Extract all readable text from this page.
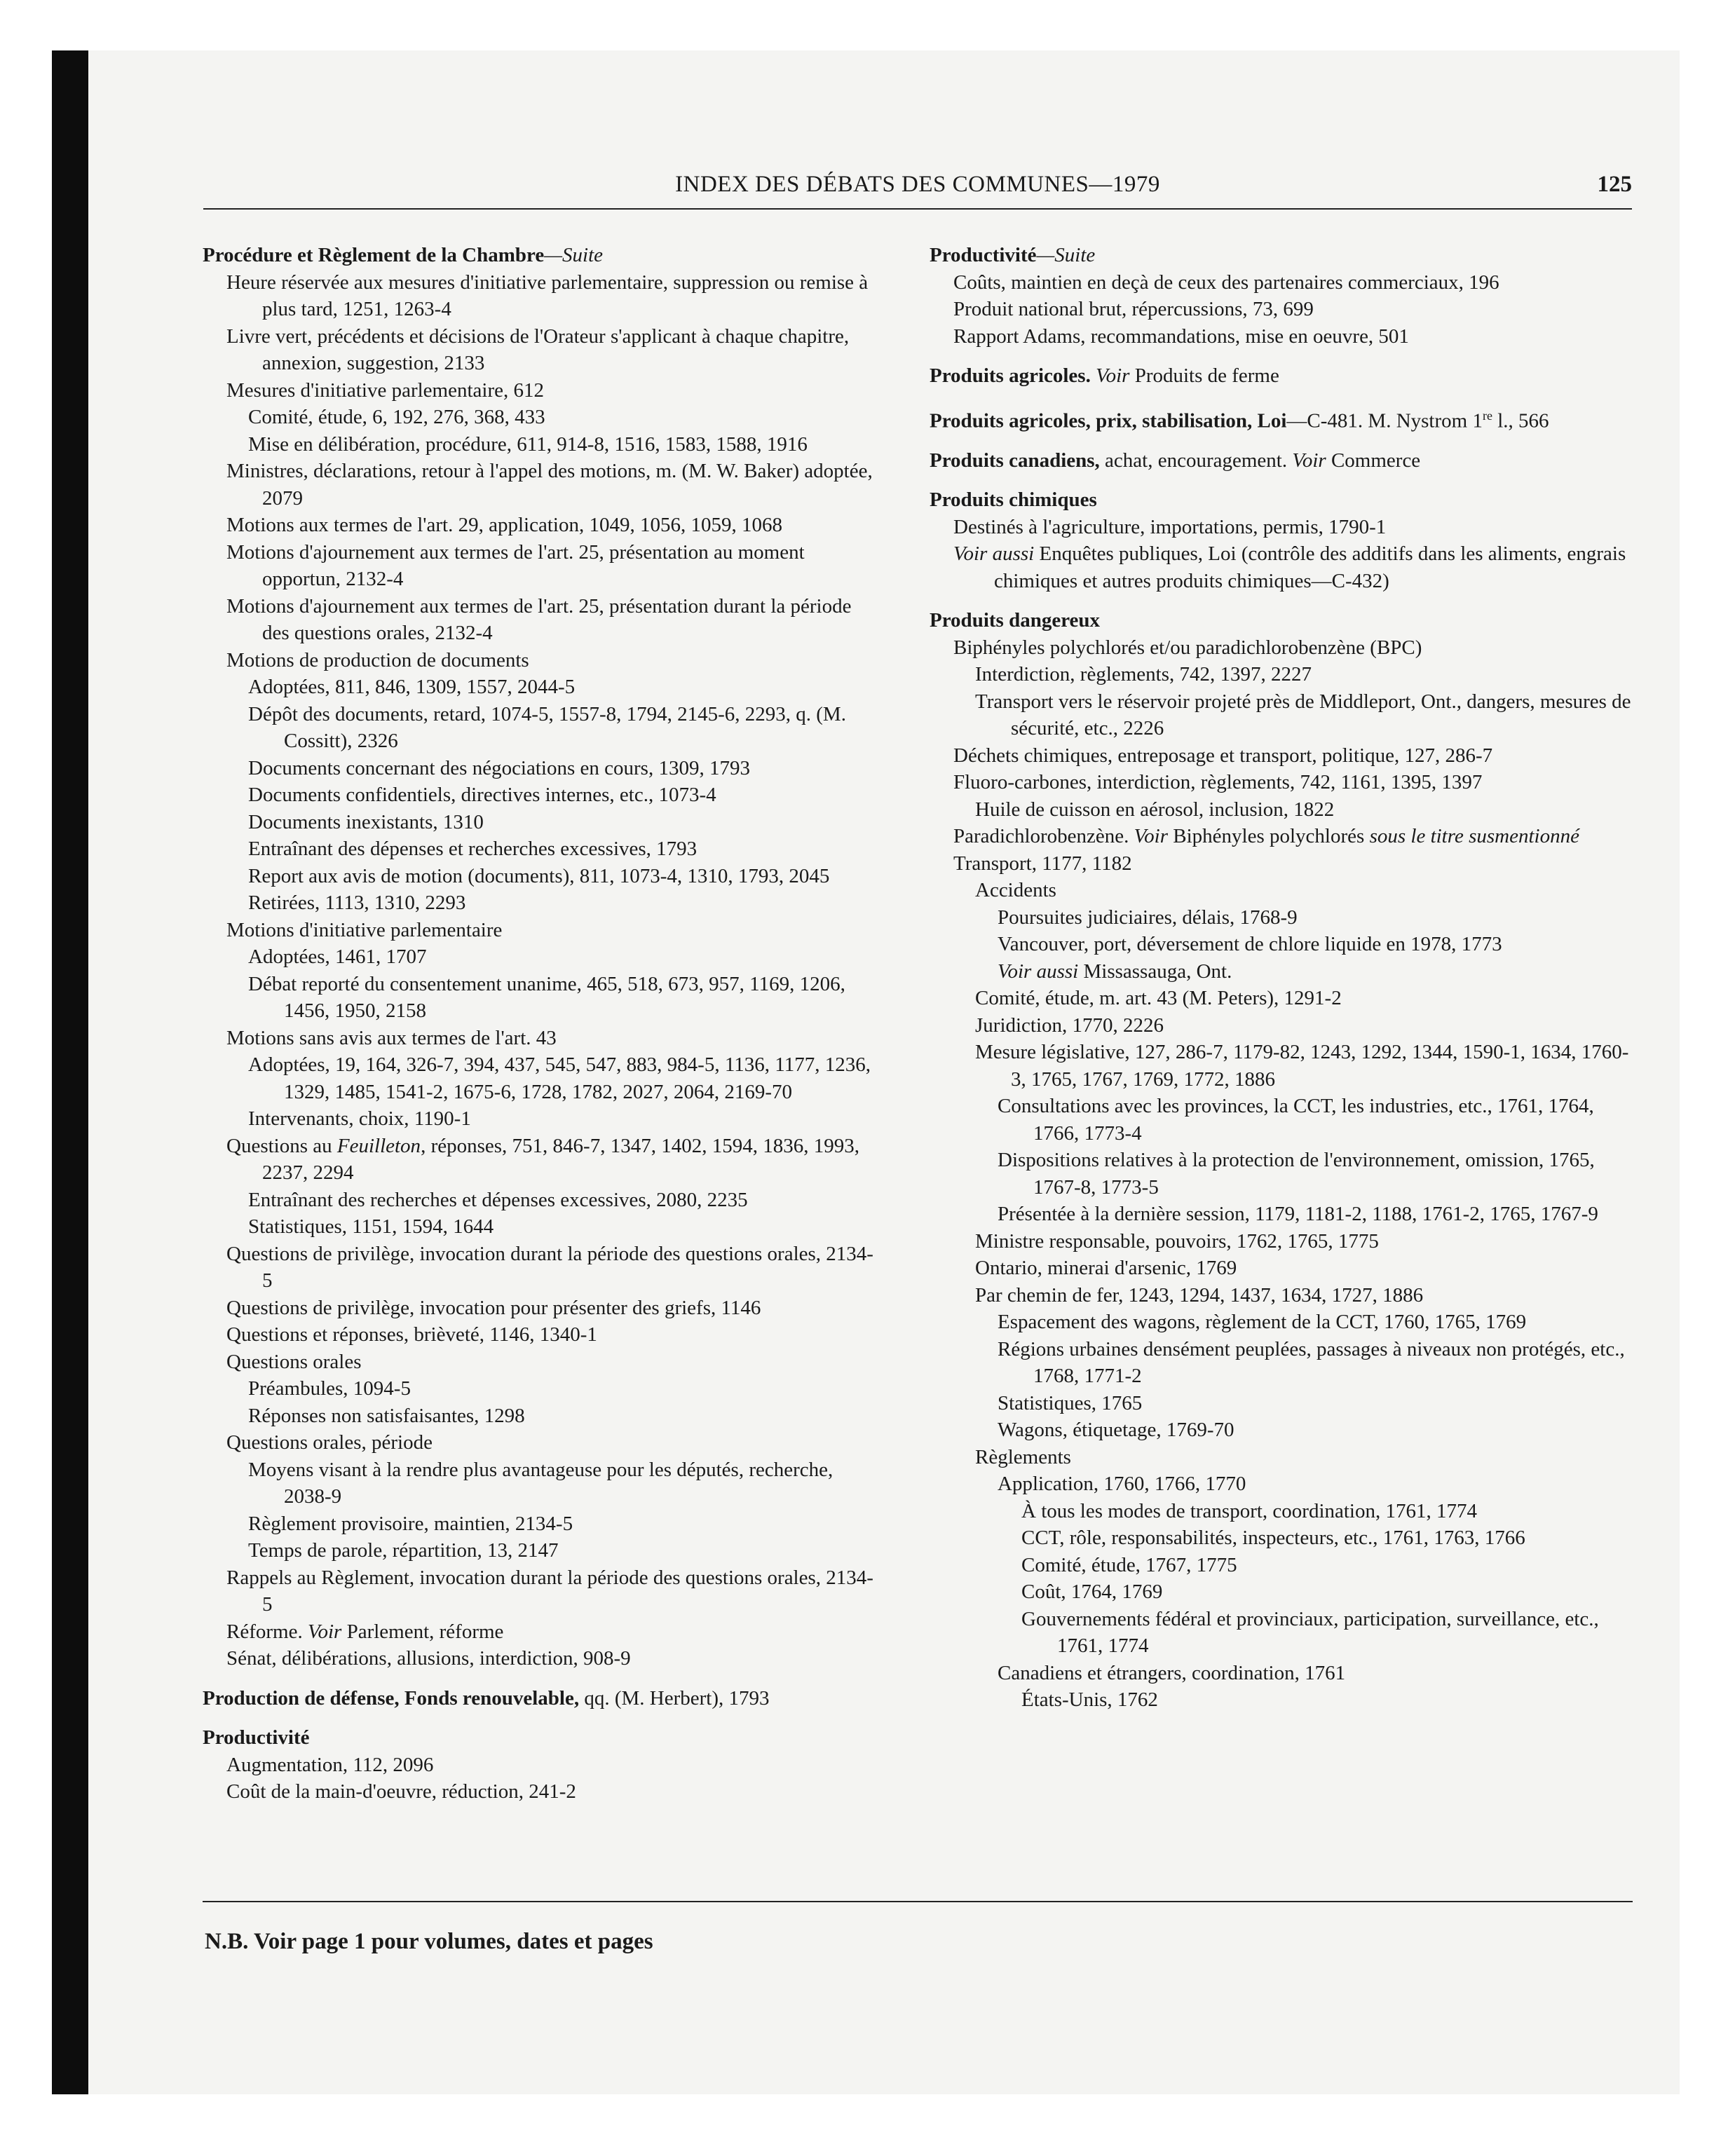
INDEX DES DÉBATS DES COMMUNES—1979	125
Procédure et Règlement de la Chambre—Suite
Heure réservée aux mesures d'initiative parlementaire, suppression ou remise à plus tard, 1251, 1263-4
Livre vert, précédents et décisions de l'Orateur s'applicant à chaque chapitre, annexion, suggestion, 2133
Mesures d'initiative parlementaire, 612
Comité, étude, 6, 192, 276, 368, 433
Mise en délibération, procédure, 611, 914-8, 1516, 1583, 1588, 1916
Ministres, déclarations, retour à l'appel des motions, m. (M. W. Baker) adoptée, 2079
Motions aux termes de l'art. 29, application, 1049, 1056, 1059, 1068
Motions d'ajournement aux termes de l'art. 25, présentation au moment opportun, 2132-4
Motions d'ajournement aux termes de l'art. 25, présentation durant la période des questions orales, 2132-4
Motions de production de documents
Adoptées, 811, 846, 1309, 1557, 2044-5
Dépôt des documents, retard, 1074-5, 1557-8, 1794, 2145-6, 2293, q. (M. Cossitt), 2326
Documents concernant des négociations en cours, 1309, 1793
Documents confidentiels, directives internes, etc., 1073-4
Documents inexistants, 1310
Entraînant des dépenses et recherches excessives, 1793
Report aux avis de motion (documents), 811, 1073-4, 1310, 1793, 2045
Retirées, 1113, 1310, 2293
Motions d'initiative parlementaire
Adoptées, 1461, 1707
Débat reporté du consentement unanime, 465, 518, 673, 957, 1169, 1206, 1456, 1950, 2158
Motions sans avis aux termes de l'art. 43
Adoptées, 19, 164, 326-7, 394, 437, 545, 547, 883, 984-5, 1136, 1177, 1236, 1329, 1485, 1541-2, 1675-6, 1728, 1782, 2027, 2064, 2169-70
Intervenants, choix, 1190-1
Questions au Feuilleton, réponses, 751, 846-7, 1347, 1402, 1594, 1836, 1993, 2237, 2294
Entraînant des recherches et dépenses excessives, 2080, 2235
Statistiques, 1151, 1594, 1644
Questions de privilège, invocation durant la période des questions orales, 2134-5
Questions de privilège, invocation pour présenter des griefs, 1146
Questions et réponses, brièveté, 1146, 1340-1
Questions orales
Préambules, 1094-5
Réponses non satisfaisantes, 1298
Questions orales, période
Moyens visant à la rendre plus avantageuse pour les députés, recherche, 2038-9
Règlement provisoire, maintien, 2134-5
Temps de parole, répartition, 13, 2147
Rappels au Règlement, invocation durant la période des questions orales, 2134-5
Réforme. Voir Parlement, réforme
Sénat, délibérations, allusions, interdiction, 908-9
Production de défense, Fonds renouvelable, qq. (M. Herbert), 1793
Productivité
Augmentation, 112, 2096
Coût de la main-d'oeuvre, réduction, 241-2
Productivité—Suite
Coûts, maintien en deçà de ceux des partenaires commerciaux, 196
Produit national brut, répercussions, 73, 699
Rapport Adams, recommandations, mise en oeuvre, 501
Produits agricoles. Voir Produits de ferme
Produits agricoles, prix, stabilisation, Loi—C-481. M. Nystrom 1re l., 566
Produits canadiens, achat, encouragement. Voir Commerce
Produits chimiques
Destinés à l'agriculture, importations, permis, 1790-1
Voir aussi Enquêtes publiques, Loi (contrôle des additifs dans les aliments, engrais chimiques et autres produits chimiques—C-432)
Produits dangereux
Biphényles polychlorés et/ou paradichlorobenzène (BPC)
Interdiction, règlements, 742, 1397, 2227
Transport vers le réservoir projeté près de Middleport, Ont., dangers, mesures de sécurité, etc., 2226
Déchets chimiques, entreposage et transport, politique, 127, 286-7
Fluoro-carbones, interdiction, règlements, 742, 1161, 1395, 1397
Huile de cuisson en aérosol, inclusion, 1822
Paradichlorobenzène. Voir Biphényles polychlorés sous le titre susmentionné
Transport, 1177, 1182
Accidents
Poursuites judiciaires, délais, 1768-9
Vancouver, port, déversement de chlore liquide en 1978, 1773
Voir aussi Missassauga, Ont.
Comité, étude, m. art. 43 (M. Peters), 1291-2
Juridiction, 1770, 2226
Mesure législative, 127, 286-7, 1179-82, 1243, 1292, 1344, 1590-1, 1634, 1760-3, 1765, 1767, 1769, 1772, 1886
Consultations avec les provinces, la CCT, les industries, etc., 1761, 1764, 1766, 1773-4
Dispositions relatives à la protection de l'environnement, omission, 1765, 1767-8, 1773-5
Présentée à la dernière session, 1179, 1181-2, 1188, 1761-2, 1765, 1767-9
Ministre responsable, pouvoirs, 1762, 1765, 1775
Ontario, minerai d'arsenic, 1769
Par chemin de fer, 1243, 1294, 1437, 1634, 1727, 1886
Espacement des wagons, règlement de la CCT, 1760, 1765, 1769
Régions urbaines densément peuplées, passages à niveaux non protégés, etc., 1768, 1771-2
Statistiques, 1765
Wagons, étiquetage, 1769-70
Règlements
Application, 1760, 1766, 1770
À tous les modes de transport, coordination, 1761, 1774
CCT, rôle, responsabilités, inspecteurs, etc., 1761, 1763, 1766
Comité, étude, 1767, 1775
Coût, 1764, 1769
Gouvernements fédéral et provinciaux, participation, surveillance, etc., 1761, 1774
Canadiens et étrangers, coordination, 1761
États-Unis, 1762
N.B. Voir page 1 pour volumes, dates et pages
